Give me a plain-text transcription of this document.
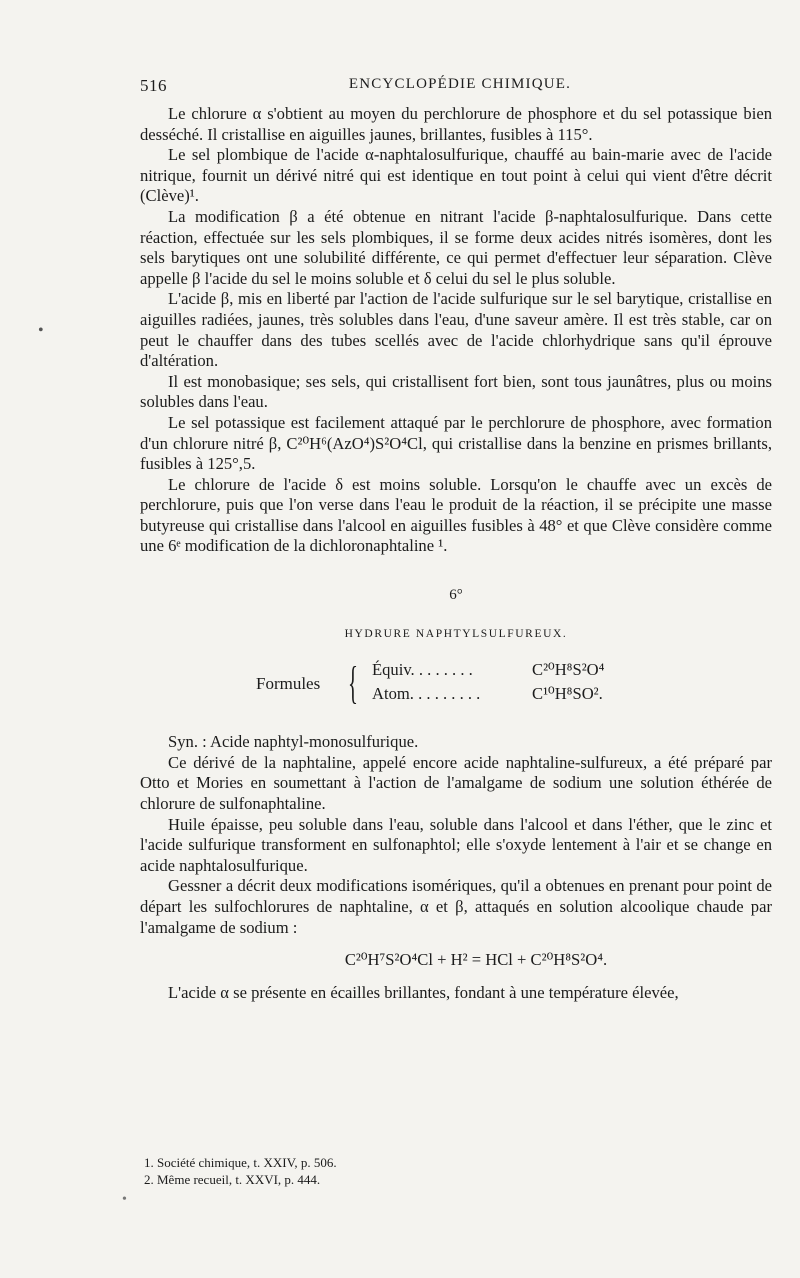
516	ENCYCLOPÉDIE CHIMIQUE.
•

Le chlorure α s'obtient au moyen du perchlorure de phosphore et du sel potassique bien desséché. Il cristallise en aiguilles jaunes, brillantes, fusibles à 115°.

Le sel plombique de l'acide α-naphtalosulfurique, chauffé au bain-marie avec de l'acide nitrique, fournit un dérivé nitré qui est identique en tout point à celui qui vient d'être décrit (Clève)¹.

La modification β a été obtenue en nitrant l'acide β-naphtalosulfurique. Dans cette réaction, effectuée sur les sels plombiques, il se forme deux acides nitrés isomères, dont les sels barytiques ont une solubilité différente, ce qui permet d'effectuer leur séparation. Clève appelle β l'acide du sel le moins soluble et δ celui du sel le plus soluble.

L'acide β, mis en liberté par l'action de l'acide sulfurique sur le sel barytique, cristallise en aiguilles radiées, jaunes, très solubles dans l'eau, d'une saveur amère. Il est très stable, car on peut le chauffer dans des tubes scellés avec de l'acide chlorhydrique sans qu'il éprouve d'altération.

Il est monobasique; ses sels, qui cristallisent fort bien, sont tous jaunâtres, plus ou moins solubles dans l'eau.

Le sel potassique est facilement attaqué par le perchlorure de phosphore, avec formation d'un chlorure nitré β, C²⁰H⁶(AzO⁴)S²O⁴Cl, qui cristallise dans la benzine en prismes brillants, fusibles à 125°,5.

Le chlorure de l'acide δ est moins soluble. Lorsqu'on le chauffe avec un excès de perchlorure, puis que l'on verse dans l'eau le produit de la réaction, il se précipite une masse butyreuse qui cristallise dans l'alcool en aiguilles fusibles à 48° et que Clève considère comme une 6ᵉ modification de la dichloronaphtaline ¹.

6°
HYDRURE NAPHTYLSULFUREUX.
Formules { Équiv. . . . . . . .	C²⁰H⁸S²O⁴
Atom. . . . . . . . .	C¹⁰H⁸SO².

Syn. : Acide naphtyl-monosulfurique.

Ce dérivé de la naphtaline, appelé encore acide naphtaline-sulfureux, a été préparé par Otto et Mories en soumettant à l'action de l'amalgame de sodium une solution éthérée de chlorure de sulfonaphtaline.

Huile épaisse, peu soluble dans l'eau, soluble dans l'alcool et dans l'éther, que le zinc et l'acide sulfurique transforment en sulfonaphtol; elle s'oxyde lentement à l'air et se change en acide naphtalosulfurique.

Gessner a décrit deux modifications isomériques, qu'il a obtenues en prenant pour point de départ les sulfochlorures de naphtaline, α et β, attaqués en solution alcoolique chaude par l'amalgame de sodium :

C²⁰H⁷S²O⁴Cl + H² = HCl + C²⁰H⁸S²O⁴.

L'acide α se présente en écailles brillantes, fondant à une température élevée,

1. Société chimique, t. XXIV, p. 506.
2. Même recueil, t. XXVI, p. 444.
•
